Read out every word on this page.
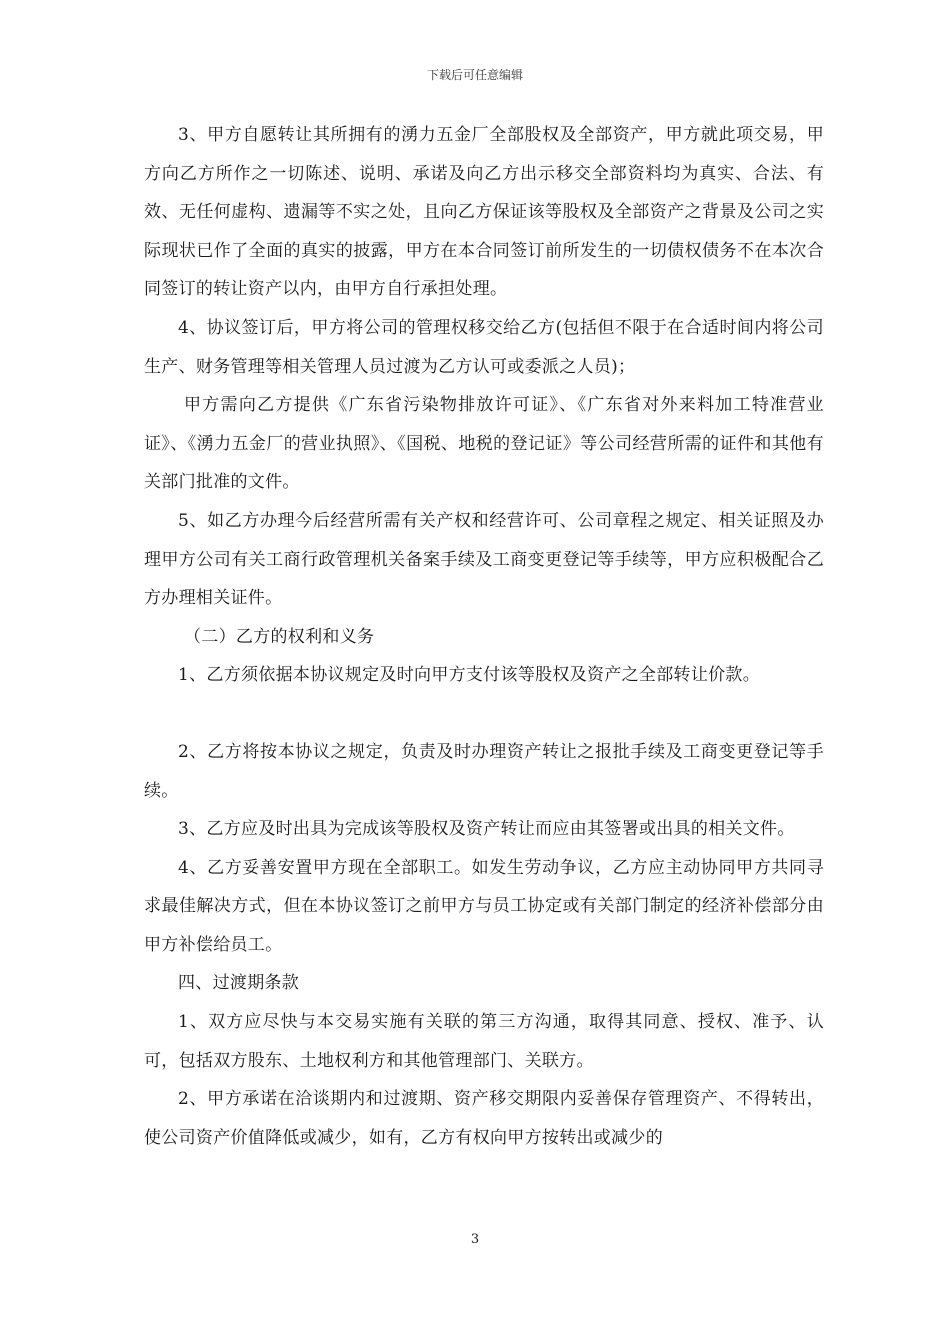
下载后可任意编辑

3、甲方自愿转让其所拥有的湧力五金厂全部股权及全部资产，甲方就此项交易，甲方向乙方所作之一切陈述、说明、承诺及向乙方出示移交全部资料均为真实、合法、有效、无任何虚构、遗漏等不实之处，且向乙方保证该等股权及全部资产之背景及公司之实际现状已作了全面的真实的披露，甲方在本合同签订前所发生的一切债权债务不在本次合同签订的转让资产以内，由甲方自行承担处理。

4、协议签订后，甲方将公司的管理权移交给乙方(包括但不限于在合适时间内将公司生产、财务管理等相关管理人员过渡为乙方认可或委派之人员)；

甲方需向乙方提供《广东省污染物排放许可证》、《广东省对外来料加工特准营业证》、《湧力五金厂的营业执照》、《国税、地税的登记证》等公司经营所需的证件和其他有关部门批准的文件。

5、如乙方办理今后经营所需有关产权和经营许可、公司章程之规定、相关证照及办理甲方公司有关工商行政管理机关备案手续及工商变更登记等手续等，甲方应积极配合乙方办理相关证件。

（二）乙方的权利和义务

1、乙方须依据本协议规定及时向甲方支付该等股权及资产之全部转让价款。

2、乙方将按本协议之规定，负责及时办理资产转让之报批手续及工商变更登记等手续。

3、乙方应及时出具为完成该等股权及资产转让而应由其签署或出具的相关文件。

4、乙方妥善安置甲方现在全部职工。如发生劳动争议，乙方应主动协同甲方共同寻求最佳解决方式，但在本协议签订之前甲方与员工协定或有关部门制定的经济补偿部分由甲方补偿给员工。

四、过渡期条款

1、双方应尽快与本交易实施有关联的第三方沟通，取得其同意、授权、准予、认可，包括双方股东、土地权利方和其他管理部门、关联方。

2、甲方承诺在洽谈期内和过渡期、资产移交期限内妥善保存管理资产、不得转出，使公司资产价值降低或减少，如有，乙方有权向甲方按转出或减少的

3
